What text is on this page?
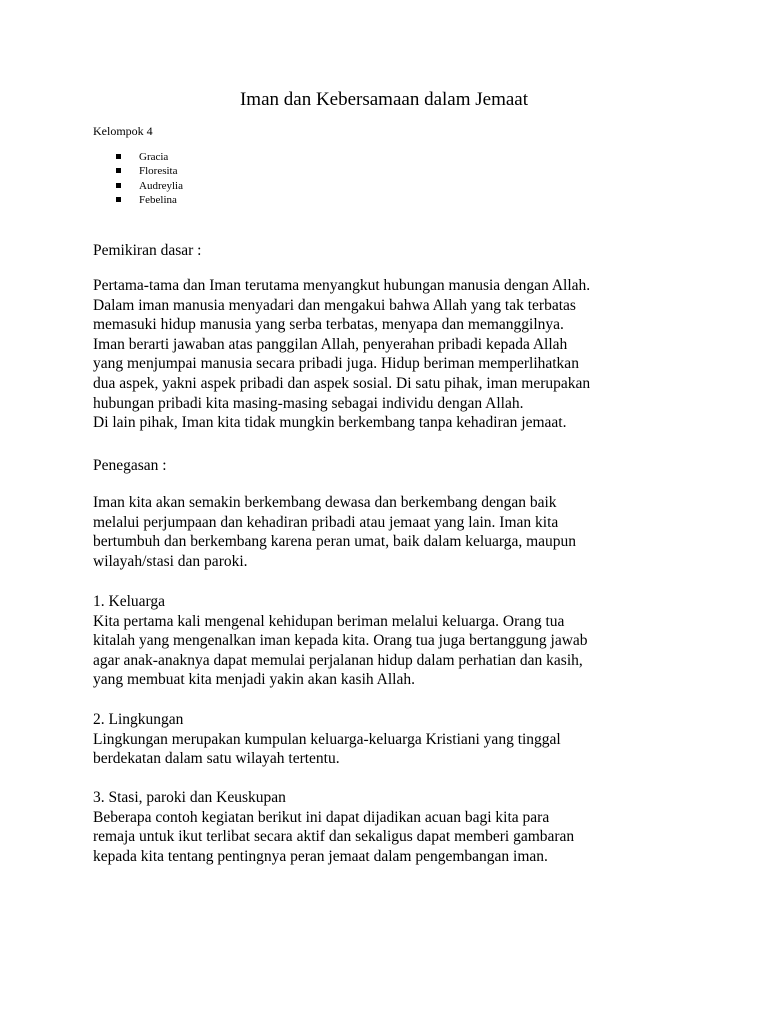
Iman dan Kebersamaan dalam Jemaat
Kelompok 4
Gracia
Floresita
Audreylia
Febelina
Pemikiran dasar :
Pertama-tama dan Iman terutama menyangkut hubungan manusia dengan Allah.
Dalam iman manusia menyadari dan mengakui bahwa Allah yang tak terbatas
memasuki hidup manusia yang serba terbatas, menyapa dan memanggilnya.
Iman berarti jawaban atas panggilan Allah, penyerahan pribadi kepada Allah
yang menjumpai manusia secara pribadi juga. Hidup beriman memperlihatkan
dua aspek, yakni aspek pribadi dan aspek sosial. Di satu pihak, iman merupakan
hubungan pribadi kita masing-masing sebagai individu dengan Allah.
Di lain pihak, Iman kita tidak mungkin berkembang tanpa kehadiran jemaat.
Penegasan :
Iman kita akan semakin berkembang dewasa dan berkembang dengan baik
melalui perjumpaan dan kehadiran pribadi atau jemaat yang lain. Iman kita
bertumbuh dan berkembang karena peran umat, baik dalam keluarga, maupun
wilayah/stasi dan paroki.
1. Keluarga
Kita pertama kali mengenal kehidupan beriman melalui keluarga. Orang tua
kitalah yang mengenalkan iman kepada kita. Orang tua juga bertanggung jawab
agar anak-anaknya dapat memulai perjalanan hidup dalam perhatian dan kasih,
yang membuat kita menjadi yakin akan kasih Allah.
2. Lingkungan
Lingkungan merupakan kumpulan keluarga-keluarga Kristiani yang tinggal
berdekatan dalam satu wilayah tertentu.
3. Stasi, paroki dan Keuskupan
Beberapa contoh kegiatan berikut ini dapat dijadikan acuan bagi kita para
remaja untuk ikut terlibat secara aktif dan sekaligus dapat memberi gambaran
kepada kita tentang pentingnya peran jemaat dalam pengembangan iman.
